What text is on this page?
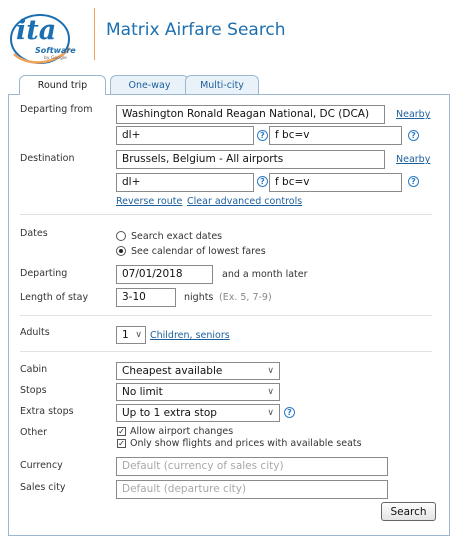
ita
Software
by Google
Matrix Airfare Search
Round trip	One-way	Multi-city
Departing from	Washington Ronald Reagan National, DC (DCA)	Nearby
dl+	? f bc=v	?
Destination	Brussels, Belgium - All airports	Nearby
dl+	? f bc=v	?
Reverse route Clear advanced controls
Dates	Search exact dates
See calendar of lowest fares
Departing	07/01/2018	and a month later
Length of stay	3-10	nights (Ex. 5, 7-9)
Adults	1 ∨ Children, seniors
Cabin	Cheapest available	∨
Stops	No limit	∨
Extra stops	Up to 1 extra stop	∨	?
Other	✓ Allow airport changes
✓ Only show flights and prices with available seats
Currency	Default (currency of sales city)
Sales city	Default (departure city)
Search
